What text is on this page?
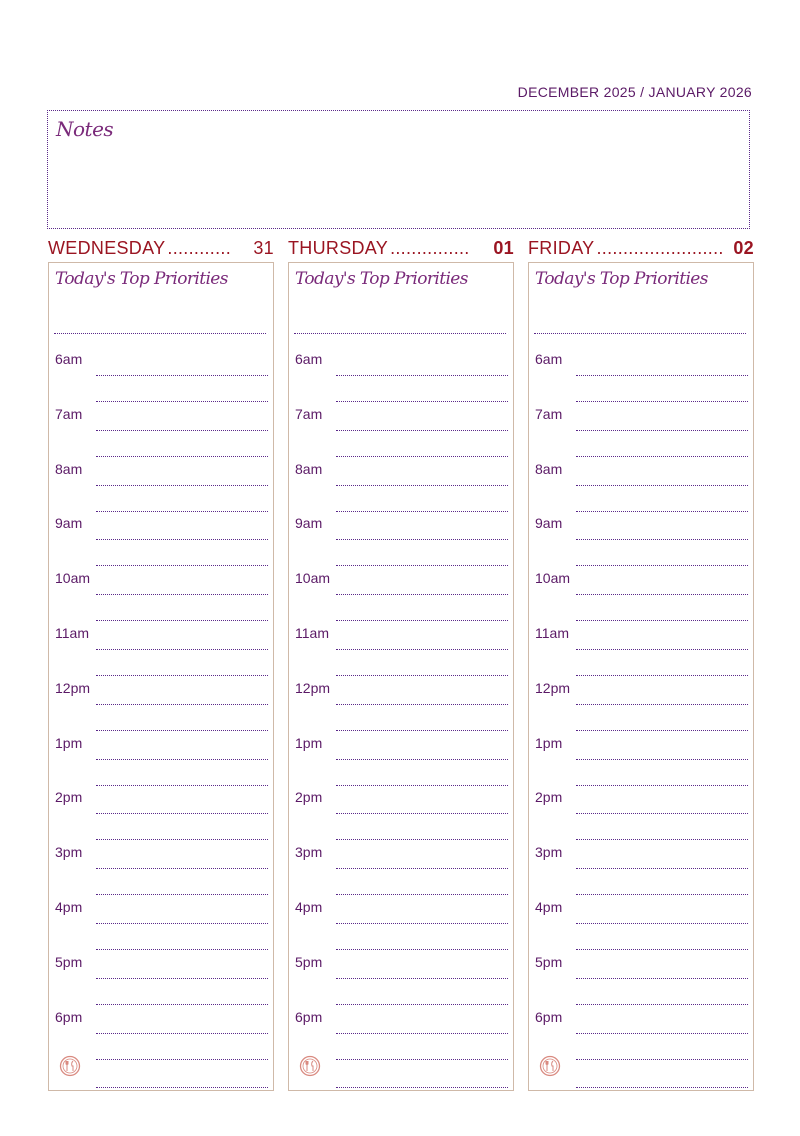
DECEMBER 2025 / JANUARY 2026
Notes
WEDNESDAY ............	31
Today's Top Priorities
6am
7am
8am
9am
10am
11am
12pm
1pm
2pm
3pm
4pm
5pm
6pm
THURSDAY ...............	01
Today's Top Priorities
6am
7am
8am
9am
10am
11am
12pm
1pm
2pm
3pm
4pm
5pm
6pm
FRIDAY ........................ 02
Today's Top Priorities
6am
7am
8am
9am
10am
11am
12pm
1pm
2pm
3pm
4pm
5pm
6pm
